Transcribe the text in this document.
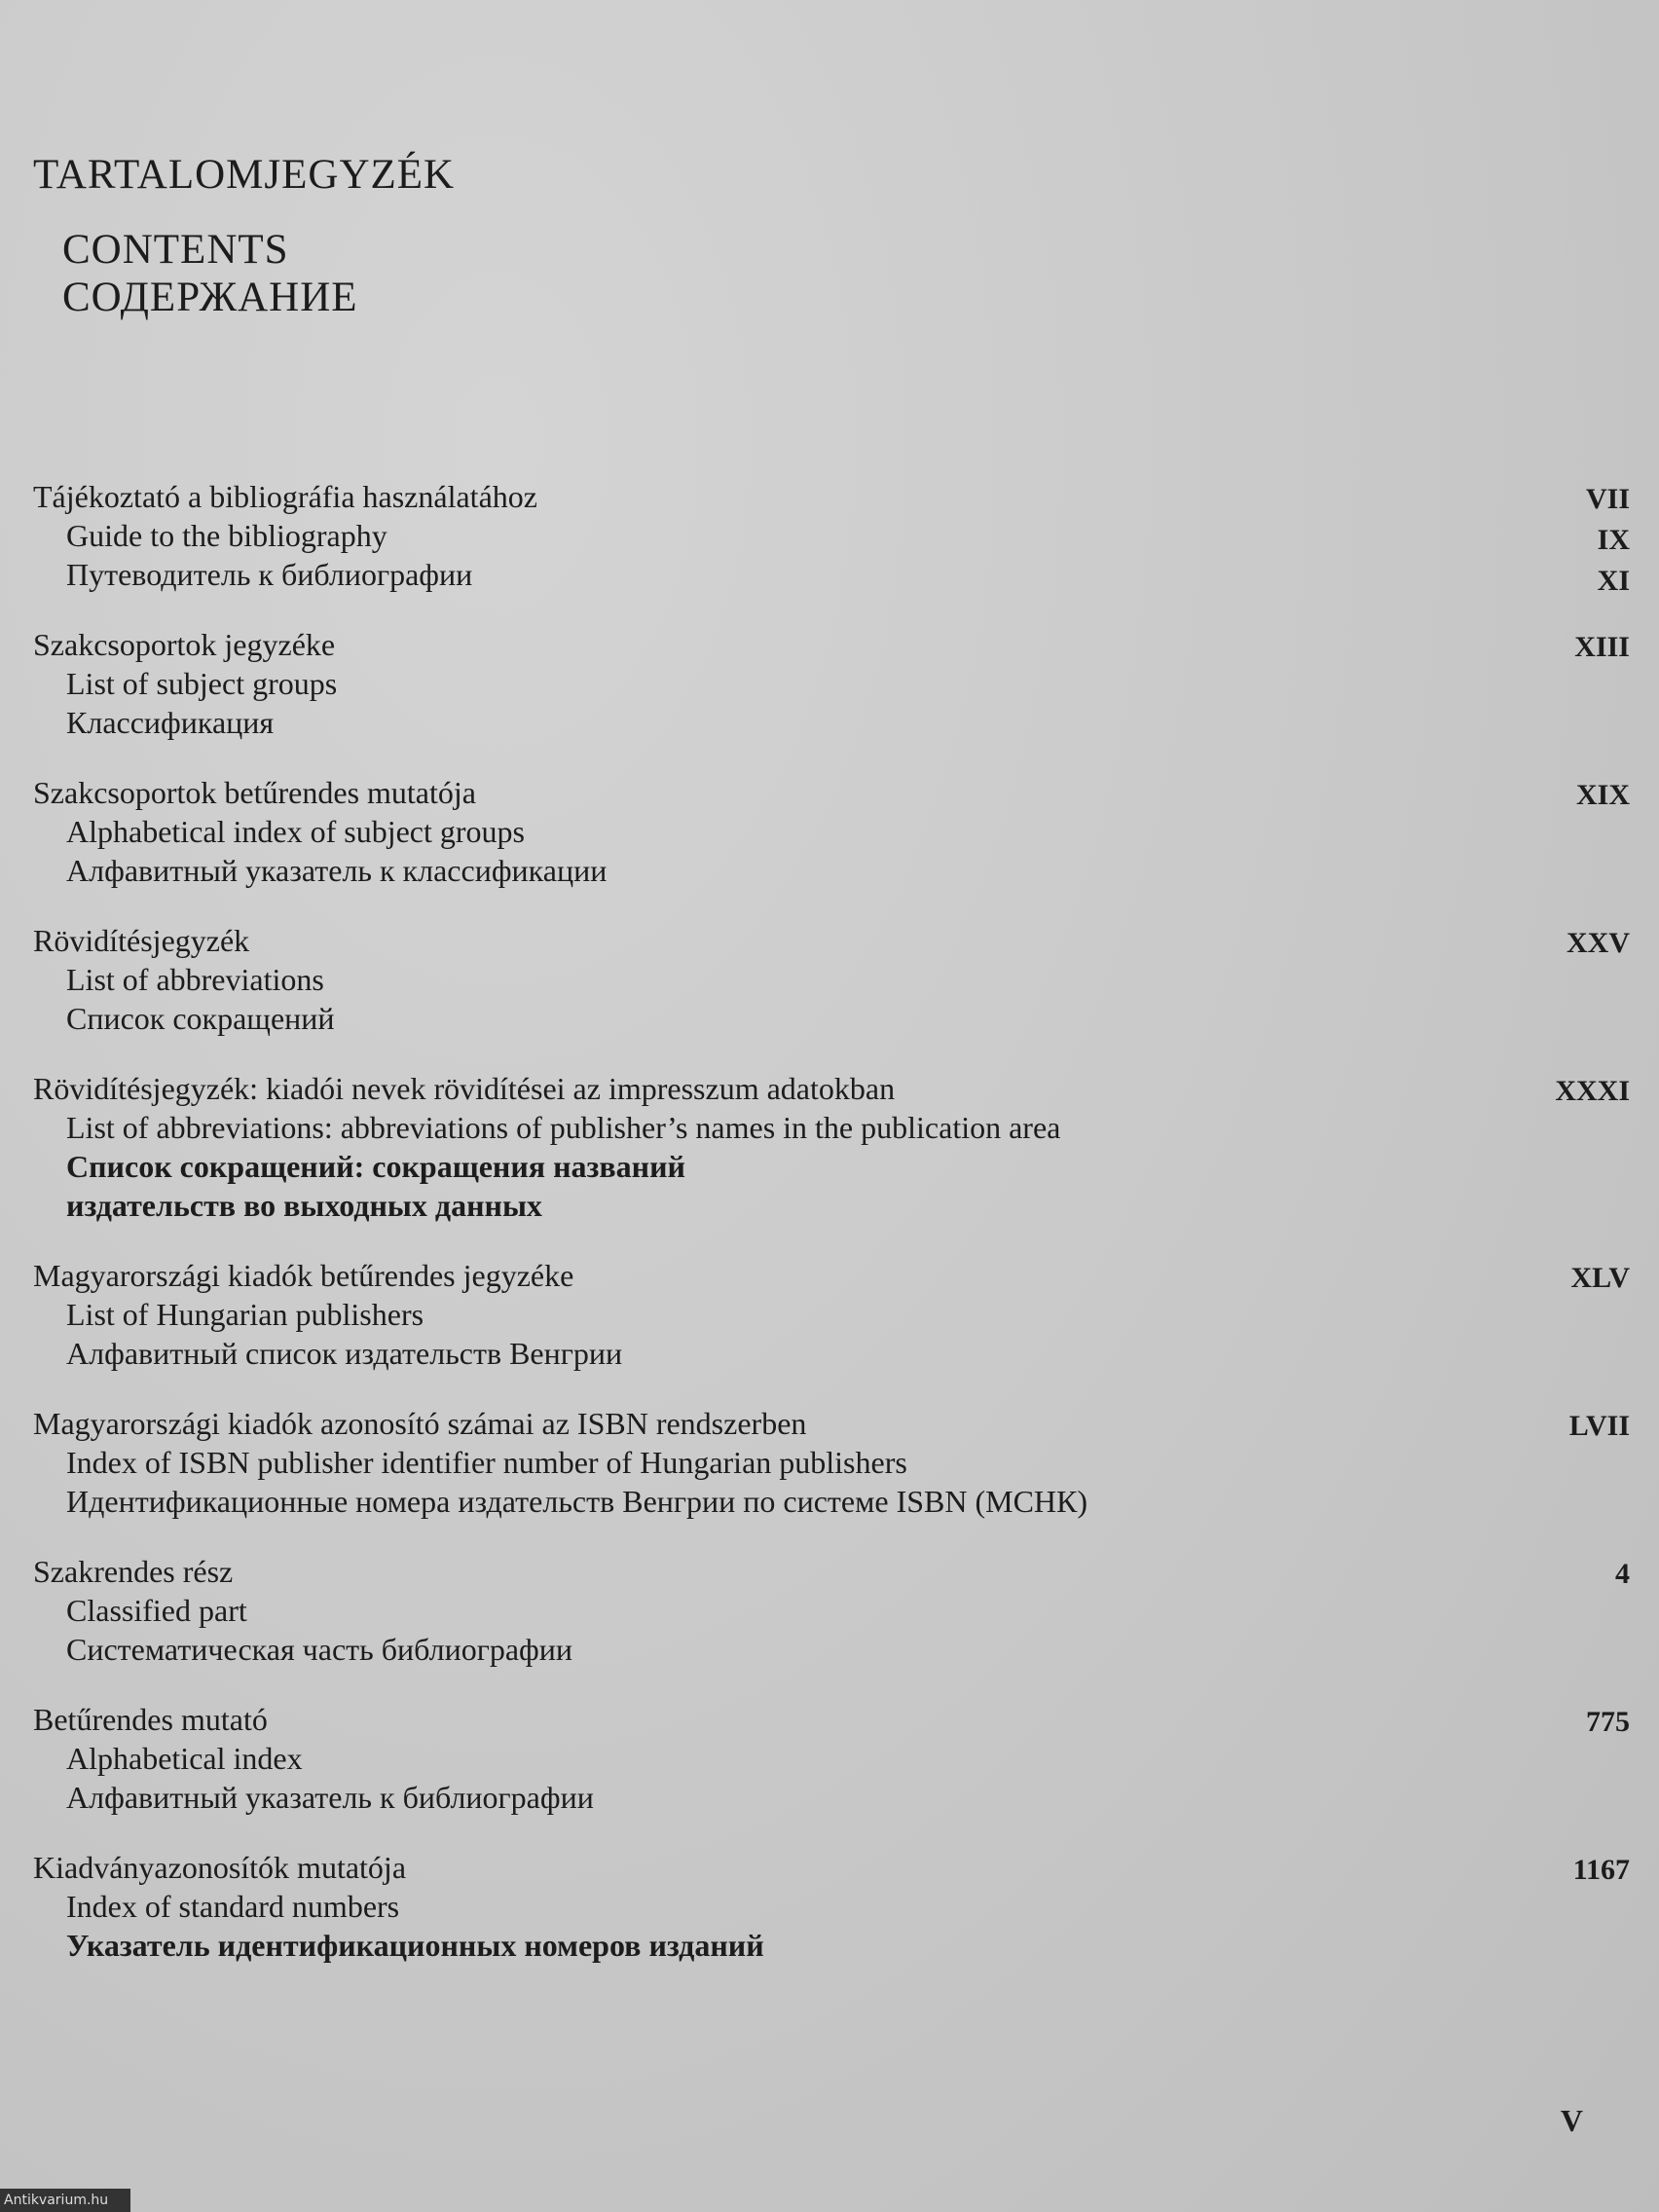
TARTALOMJEGYZÉK
CONTENTS
СОДЕРЖАНИЕ
Tájékoztató a bibliográfia használatához
Guide to the bibliography
Путеводитель к библиографии
VII
IX
XI
Szakcsoportok jegyzéke
List of subject groups
Классификация
XIII
Szakcsoportok betűrendes mutatója
Alphabetical index of subject groups
Алфавитный указатель к классификации
XIX
Rövidítésjegyzék
List of abbreviations
Список сокращений
XXV
Rövidítésjegyzék: kiadói nevek rövidítései az impresszum adatokban
List of abbreviations: abbreviations of publisher’s names in the publication area
Список сокращений: сокращения названий
издательств во выходных данных
XXXI
Magyarországi kiadók betűrendes jegyzéke
List of Hungarian publishers
Алфавитный список издательств Венгрии
XLV
Magyarországi kiadók azonosító számai az ISBN rendszerben
Index of ISBN publisher identifier number of Hungarian publishers
Идентификационные номера издательств Венгрии по системе ISBN (МСНК)
LVII
Szakrendes rész
Classified part
Систематическая часть библиографии
4
Betűrendes mutató
Alphabetical index
Алфавитный указатель к библиографии
775
Kiadványazonosítók mutatója
Index of standard numbers
Указатель идентификационных номеров изданий
1167
V
Antikvarium.hu
